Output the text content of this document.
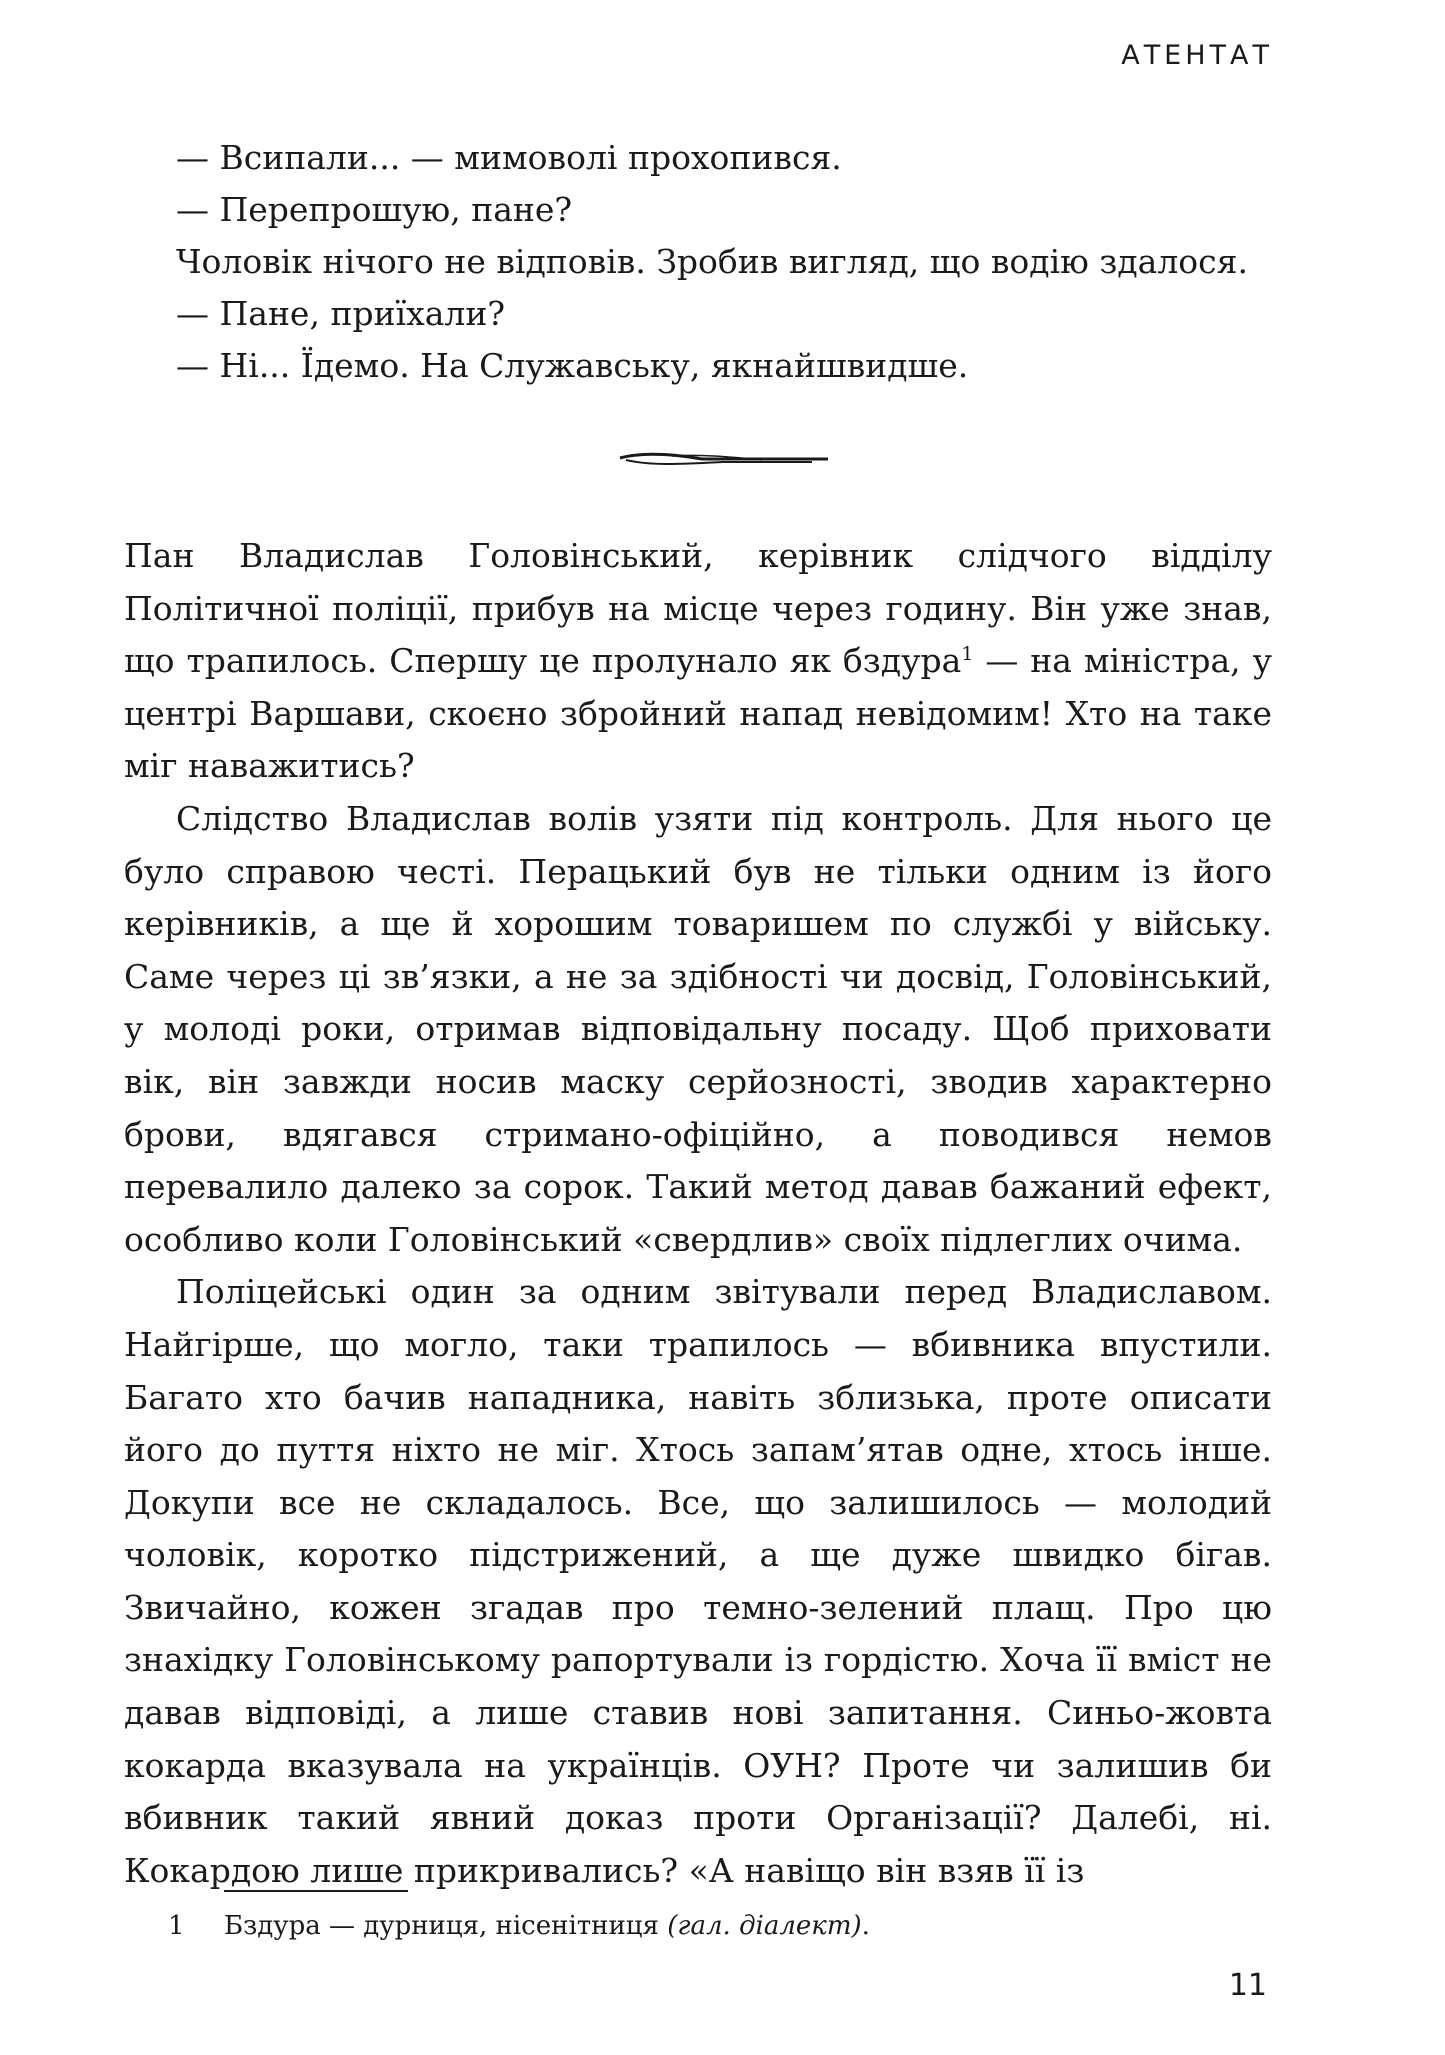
АТЕНТАТ
— Всипали... — мимоволі прохопився.
— Перепрошую, пане?
Чоловік нічого не відповів. Зробив вигляд, що водію здалося.
— Пане, приїхали?
— Ні... Їдемо. На Служавську, якнайшвидше.

Пан Владислав Головінський, керівник слідчого відділу Політичної поліції, прибув на місце через годину. Він уже знав, що трапилось. Спершу це пролунало як бздура$^1$ — на міністра, у центрі Варшави, скоєно збройний напад невідомим! Хто на таке міг наважитись?

Слідство Владислав волів узяти під контроль. Для нього це було справою честі. Перацький був не тільки одним із його керівників, а ще й хорошим товаришем по службі у війську. Саме через ці зв’язки, а не за здібності чи досвід, Головінський, у молоді роки, отримав відповідальну посаду. Щоб приховати вік, він завжди носив маску серйозності, зводив характерно брови, вдягався стримано-офіційно, а поводився немов перевалило далеко за сорок. Такий метод давав бажаний ефект, особливо коли Головінський «свердлив» своїх підлеглих очима.

Поліцейські один за одним звітували перед Владиславом. Найгірше, що могло, таки трапилось — вбивника впустили. Багато хто бачив нападника, навіть зблизька, проте описати його до пуття ніхто не міг. Хтось запам’ятав одне, хтось інше. Докупи все не складалось. Все, що залишилось — молодий чоловік, коротко підстрижений, а ще дуже швидко бігав. Звичайно, кожен згадав про темно-зелений плащ. Про цю знахідку Головінському рапортували із гордістю. Хоча її вміст не давав відповіді, а лише ставив нові запитання. Синьо-жовта кокарда вказувала на українців. ОУН? Проте чи залишив би вбивник такий явний доказ проти Організації? Далебі, ні. Кокардою лише прикривались? «А навіщо він взяв її із

1 Бздура — дурниця, нісенітниця (гал. діалект).
11
